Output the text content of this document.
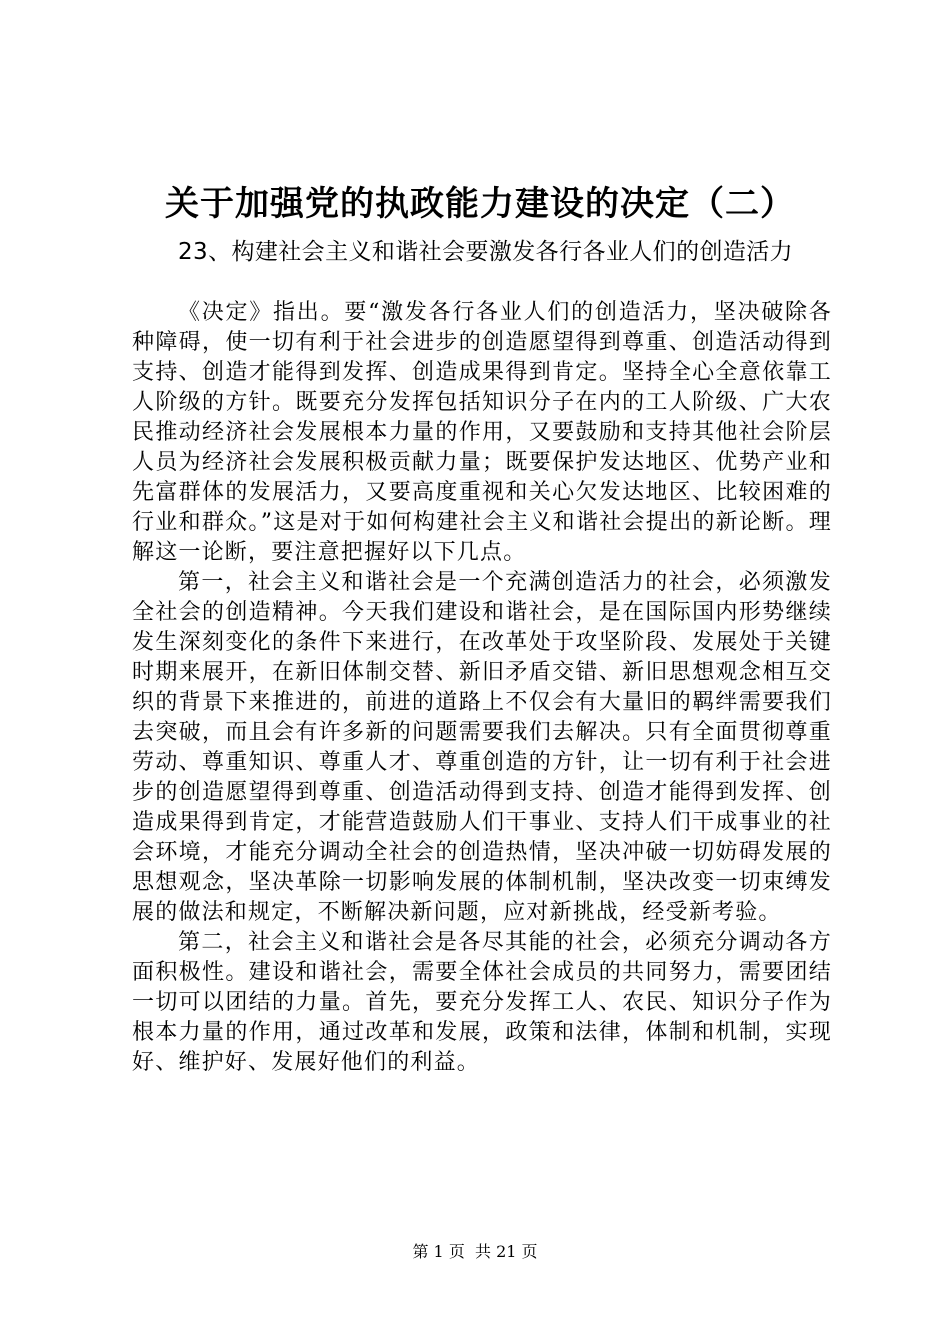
关于加强党的执政能力建设的决定（二）
23、构建社会主义和谐社会要激发各行各业人们的创造活力

《决定》指出。要“激发各行各业人们的创造活力，坚决破除各种障碍，使一切有利于社会进步的创造愿望得到尊重、创造活动得到支持、创造才能得到发挥、创造成果得到肯定。坚持全心全意依靠工人阶级的方针。既要充分发挥包括知识分子在内的工人阶级、广大农民推动经济社会发展根本力量的作用，又要鼓励和支持其他社会阶层人员为经济社会发展积极贡献力量；既要保护发达地区、优势产业和先富群体的发展活力，又要高度重视和关心欠发达地区、比较困难的行业和群众。”这是对于如何构建社会主义和谐社会提出的新论断。理解这一论断，要注意把握好以下几点。

第一，社会主义和谐社会是一个充满创造活力的社会，必须激发全社会的创造精神。今天我们建设和谐社会，是在国际国内形势继续发生深刻变化的条件下来进行，在改革处于攻坚阶段、发展处于关键时期来展开，在新旧体制交替、新旧矛盾交错、新旧思想观念相互交织的背景下来推进的，前进的道路上不仅会有大量旧的羁绊需要我们去突破，而且会有许多新的问题需要我们去解决。只有全面贯彻尊重劳动、尊重知识、尊重人才、尊重创造的方针，让一切有利于社会进步的创造愿望得到尊重、创造活动得到支持、创造才能得到发挥、创造成果得到肯定，才能营造鼓励人们干事业、支持人们干成事业的社会环境，才能充分调动全社会的创造热情，坚决冲破一切妨碍发展的思想观念，坚决革除一切影响发展的体制机制，坚决改变一切束缚发展的做法和规定，不断解决新问题，应对新挑战，经受新考验。

第二，社会主义和谐社会是各尽其能的社会，必须充分调动各方面积极性。建设和谐社会，需要全体社会成员的共同努力，需要团结一切可以团结的力量。首先，要充分发挥工人、农民、知识分子作为根本力量的作用，通过改革和发展，政策和法律，体制和机制，实现好、维护好、发展好他们的利益。

第 1 页  共 21 页
